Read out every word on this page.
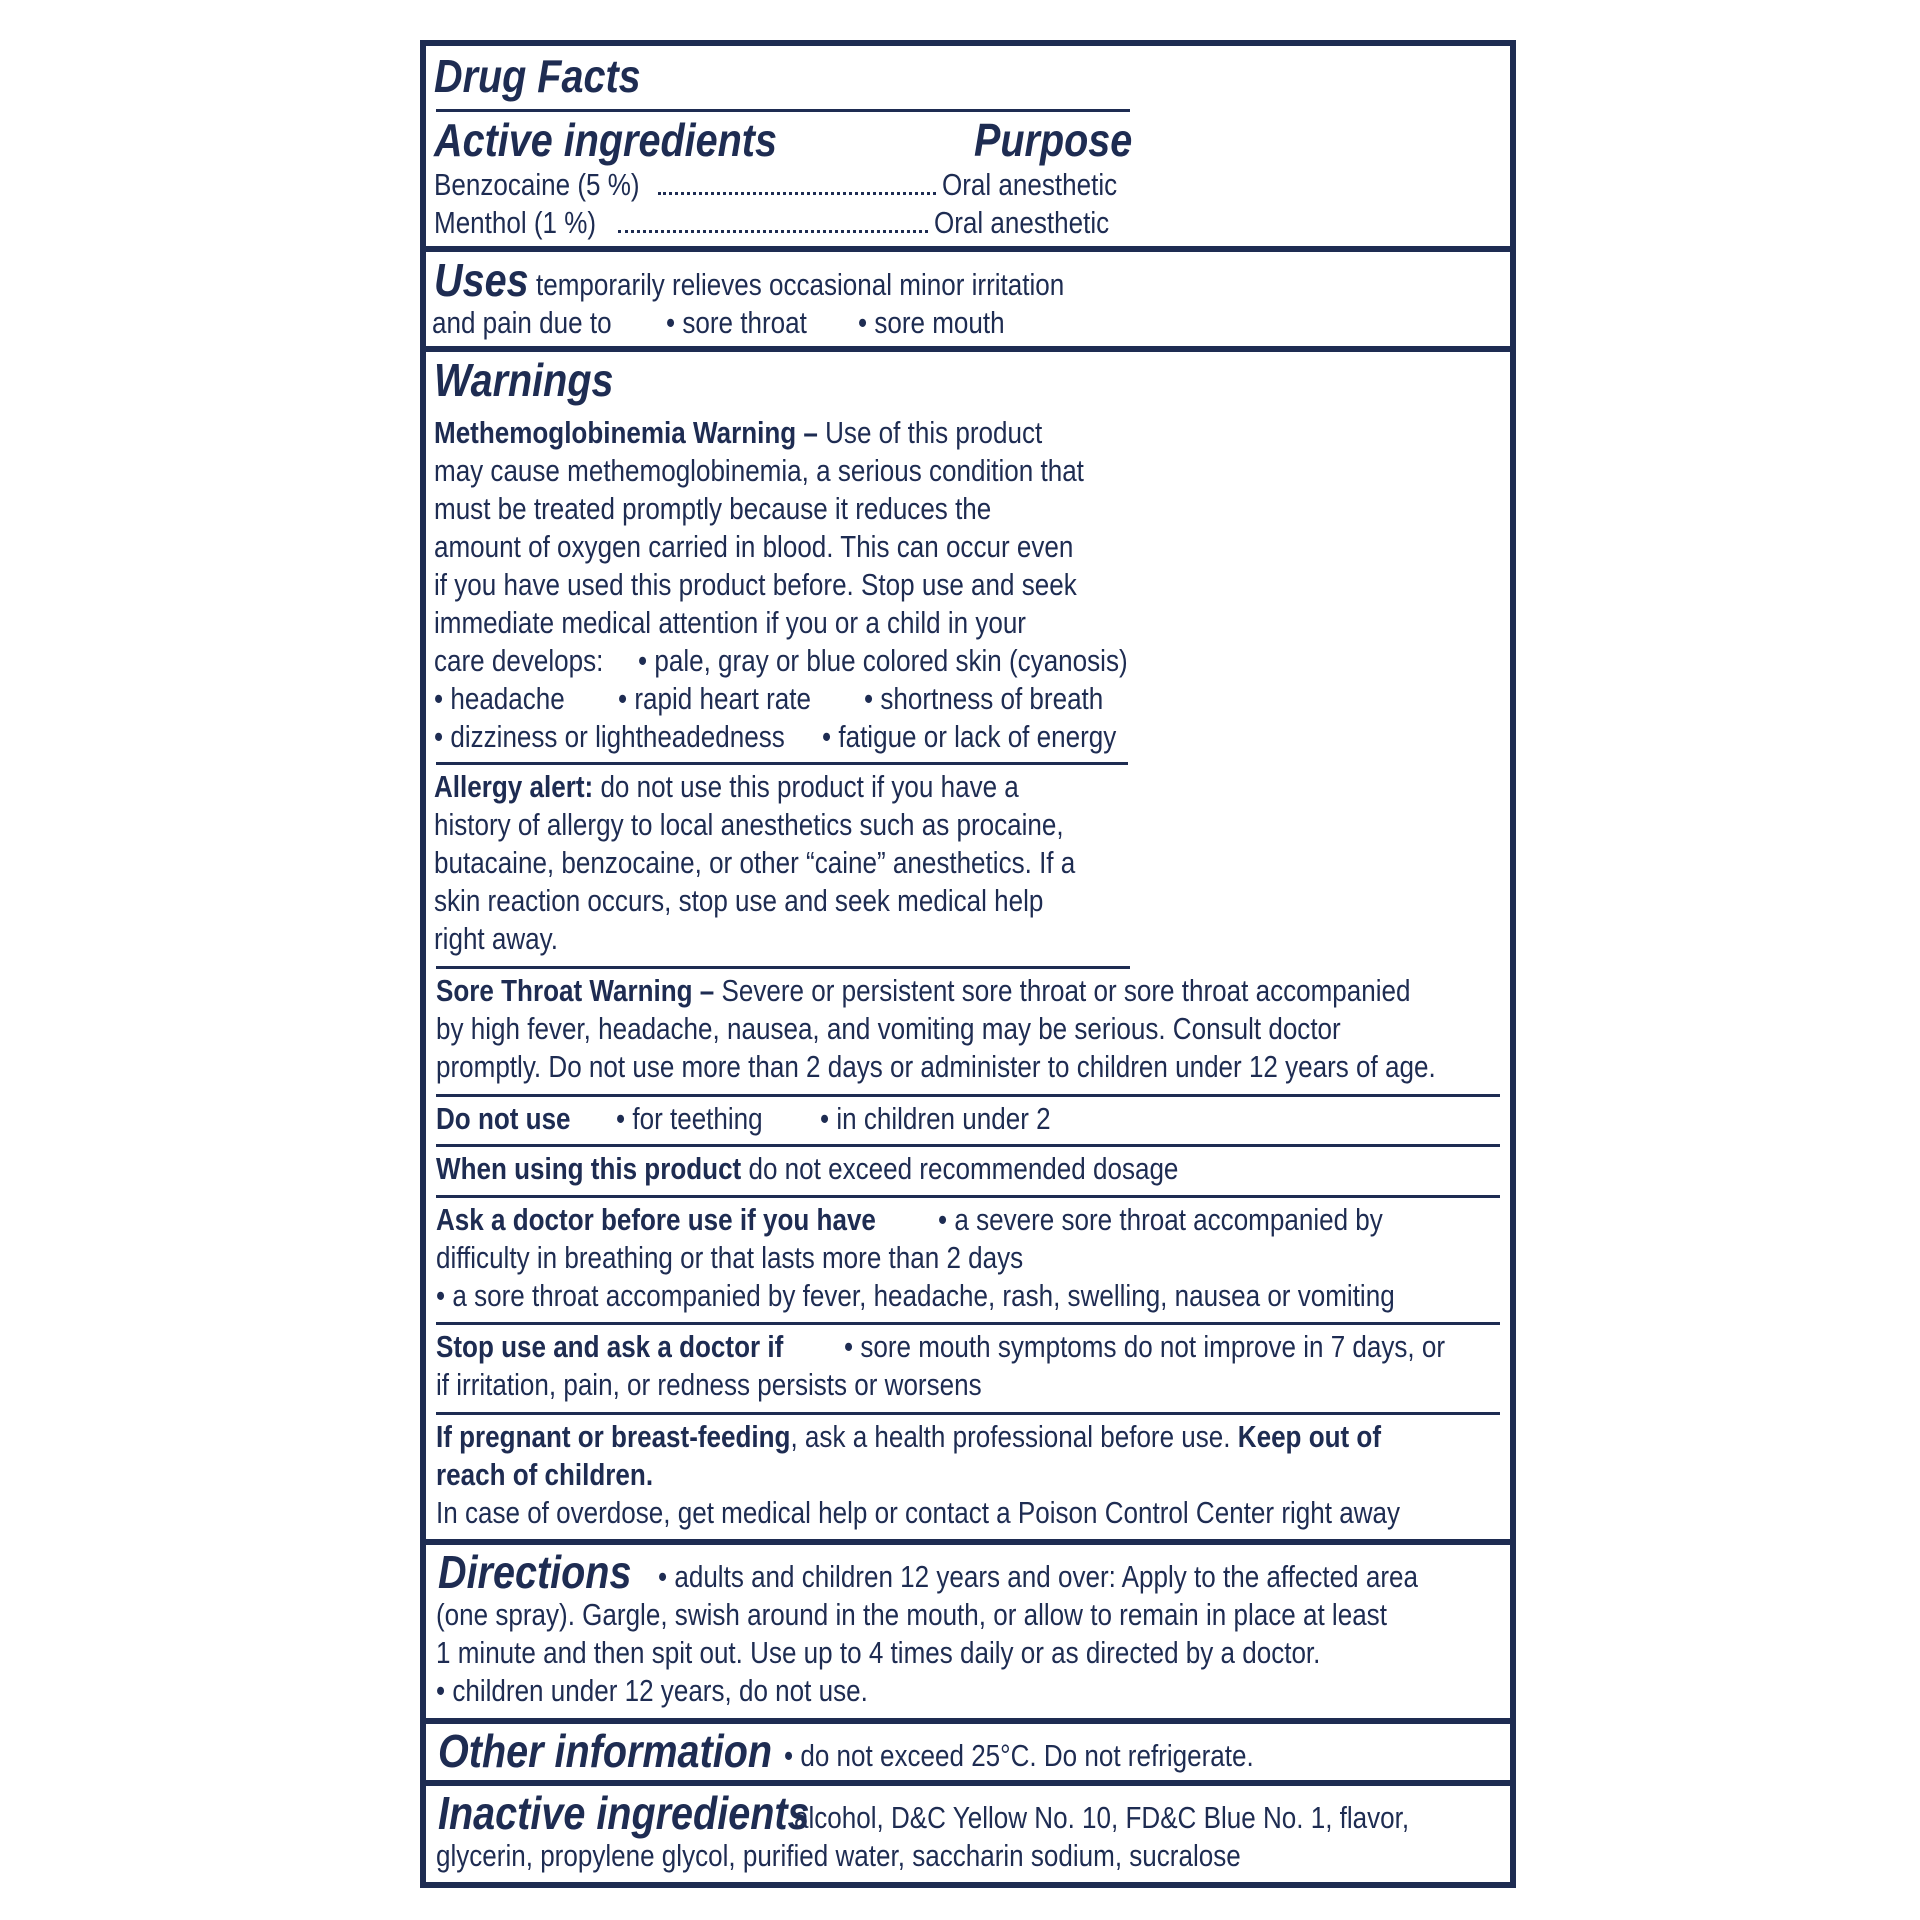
Drug Facts
Active ingredients	Purpose
Benzocaine (5 %)	Oral anesthetic
Menthol (1 %)	Oral anesthetic
Uses temporarily relieves occasional minor irritation
and pain due to • sore throat • sore mouth
Warnings
Methemoglobinemia Warning – Use of this product
may cause methemoglobinemia, a serious condition that
must be treated promptly because it reduces the
amount of oxygen carried in blood. This can occur even
if you have used this product before. Stop use and seek
immediate medical attention if you or a child in your
care develops: • pale, gray or blue colored skin (cyanosis)
• headache • rapid heart rate • shortness of breath
• dizziness or lightheadedness • fatigue or lack of energy
Allergy alert: do not use this product if you have a
history of allergy to local anesthetics such as procaine,
butacaine, benzocaine, or other “caine” anesthetics. If a
skin reaction occurs, stop use and seek medical help
right away.
Sore Throat Warning – Severe or persistent sore throat or sore throat accompanied
by high fever, headache, nausea, and vomiting may be serious. Consult doctor
promptly. Do not use more than 2 days or administer to children under 12 years of age.
Do not use • for teething • in children under 2
When using this product do not exceed recommended dosage
Ask a doctor before use if you have • a severe sore throat accompanied by
difficulty in breathing or that lasts more than 2 days
• a sore throat accompanied by fever, headache, rash, swelling, nausea or vomiting
Stop use and ask a doctor if • sore mouth symptoms do not improve in 7 days, or
if irritation, pain, or redness persists or worsens
If pregnant or breast-feeding, ask a health professional before use. Keep out of
reach of children.
In case of overdose, get medical help or contact a Poison Control Center right away
Directions • adults and children 12 years and over: Apply to the affected area
(one spray). Gargle, swish around in the mouth, or allow to remain in place at least
1 minute and then spit out. Use up to 4 times daily or as directed by a doctor.
• children under 12 years, do not use.
Other information • do not exceed 25°C. Do not refrigerate.
Inactive ingredients
alcohol, D&C Yellow No. 10, FD&C Blue No. 1, flavor,
glycerin, propylene glycol, purified water, saccharin sodium, sucralose
